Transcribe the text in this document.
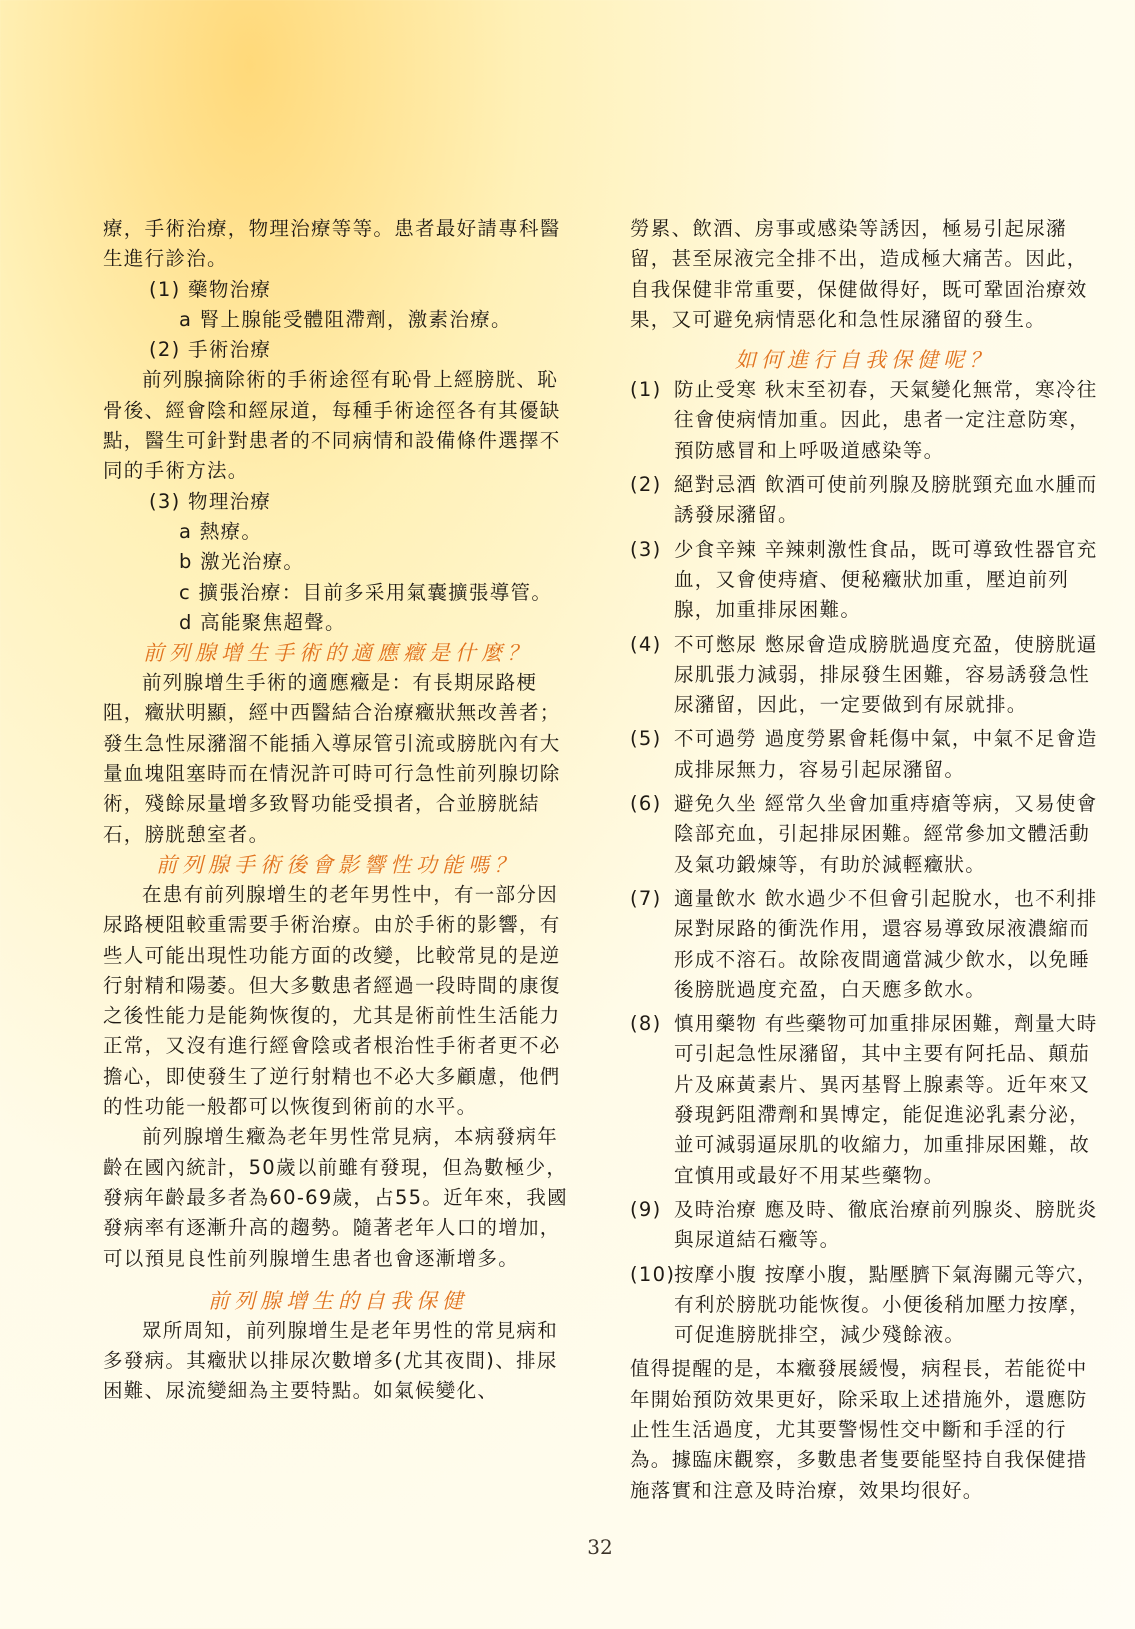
療，手術治療，物理治療等等。患者最好請專科醫生進行診治。

(1) 藥物治療

a 腎上腺能受體阻滯劑，激素治療。

(2) 手術治療

前列腺摘除術的手術途徑有恥骨上經膀胱、恥骨後、經會陰和經尿道，每種手術途徑各有其優缺點，醫生可針對患者的不同病情和設備條件選擇不同的手術方法。

(3) 物理治療

a 熱療。

b 激光治療。

c 擴張治療：目前多采用氣囊擴張導管。

d 高能聚焦超聲。

前列腺增生手術的適應癥是什麼？

前列腺增生手術的適應癥是：有長期尿路梗阻，癥狀明顯，經中西醫結合治療癥狀無改善者；發生急性尿瀦溜不能插入導尿管引流或膀胱內有大量血塊阻塞時而在情況許可時可行急性前列腺切除術，殘餘尿量增多致腎功能受損者，合並膀胱結石，膀胱憩室者。

前列腺手術後會影響性功能嗎？

在患有前列腺增生的老年男性中，有一部分因尿路梗阻較重需要手術治療。由於手術的影響，有些人可能出現性功能方面的改變，比較常見的是逆行射精和陽萎。但大多數患者經過一段時間的康復之後性能力是能夠恢復的，尤其是術前性生活能力正常，又沒有進行經會陰或者根治性手術者更不必擔心，即使發生了逆行射精也不必大多顧慮，他們的性功能一般都可以恢復到術前的水平。

前列腺增生癥為老年男性常見病，本病發病年齡在國內統計，50歲以前雖有發現，但為數極少，發病年齡最多者為60-69歲，占55。近年來，我國發病率有逐漸升高的趨勢。隨著老年人口的增加，可以預見良性前列腺增生患者也會逐漸增多。

前列腺增生的自我保健

眾所周知，前列腺增生是老年男性的常見病和多發病。其癥狀以排尿次數增多(尤其夜間)、排尿困難、尿流變細為主要特點。如氣候變化、

勞累、飲酒、房事或感染等誘因，極易引起尿瀦留，甚至尿液完全排不出，造成極大痛苦。因此，自我保健非常重要，保健做得好，既可鞏固治療效果，又可避免病情惡化和急性尿瀦留的發生。

如何進行自我保健呢？

(1) 防止受寒 秋末至初春，天氣變化無常，寒冷往往會使病情加重。因此，患者一定注意防寒，預防感冒和上呼吸道感染等。
(2) 絕對忌酒 飲酒可使前列腺及膀胱頸充血水腫而誘發尿瀦留。
(3) 少食辛辣 辛辣刺激性食品，既可導致性器官充血，又會使痔瘡、便秘癥狀加重，壓迫前列腺，加重排尿困難。
(4) 不可憋尿 憋尿會造成膀胱過度充盈，使膀胱逼尿肌張力減弱，排尿發生困難，容易誘發急性尿瀦留，因此，一定要做到有尿就排。
(5) 不可過勞 過度勞累會耗傷中氣，中氣不足會造成排尿無力，容易引起尿瀦留。
(6) 避免久坐 經常久坐會加重痔瘡等病，又易使會陰部充血，引起排尿困難。經常參加文體活動及氣功鍛煉等，有助於減輕癥狀。
(7) 適量飲水 飲水過少不但會引起脫水，也不利排尿對尿路的衝洗作用，還容易導致尿液濃縮而形成不溶石。故除夜間適當減少飲水，以免睡後膀胱過度充盈，白天應多飲水。
(8) 慎用藥物 有些藥物可加重排尿困難，劑量大時可引起急性尿瀦留，其中主要有阿托品、顛茄片及麻黃素片、異丙基腎上腺素等。近年來又發現鈣阻滯劑和異博定，能促進泌乳素分泌，並可減弱逼尿肌的收縮力，加重排尿困難，故宜慎用或最好不用某些藥物。
(9) 及時治療 應及時、徹底治療前列腺炎、膀胱炎與尿道結石癥等。
(10)
按摩小腹 按摩小腹，點壓臍下氣海關元等穴，有利於膀胱功能恢復。小便後稍加壓力按摩，可促進膀胱排空，減少殘餘液。

值得提醒的是，本癥發展緩慢，病程長，若能從中年開始預防效果更好，除采取上述措施外，還應防止性生活過度，尤其要警惕性交中斷和手淫的行為。據臨床觀察，多數患者隻要能堅持自我保健措施落實和注意及時治療，效果均很好。

32
